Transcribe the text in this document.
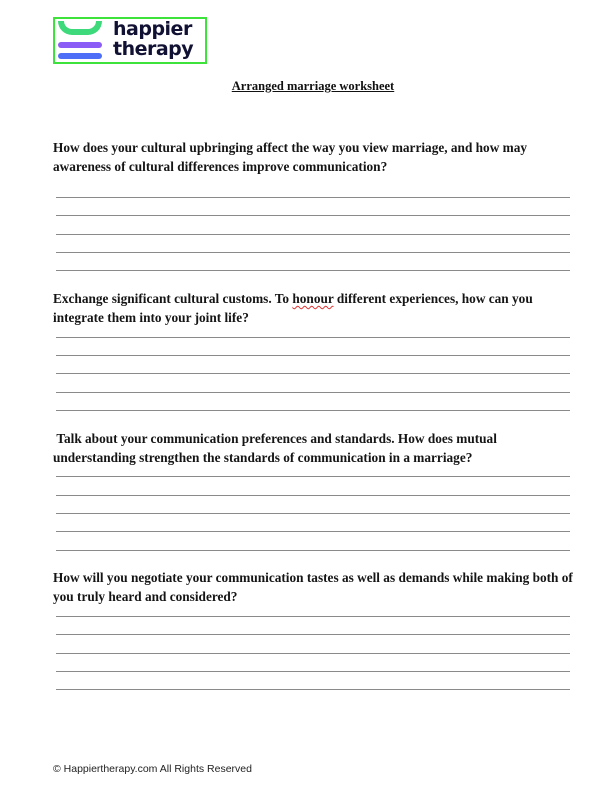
happier
therapy
Arranged marriage worksheet
How does your cultural upbringing affect the way you view marriage, and how may awareness of cultural differences improve communication?
Exchange significant cultural customs. To honour different experiences, how can you integrate them into your joint life?
Talk about your communication preferences and standards. How does mutual understanding strengthen the standards of communication in a marriage?
How will you negotiate your communication tastes as well as demands while making both of you truly heard and considered?
© Happiertherapy.com All Rights Reserved
